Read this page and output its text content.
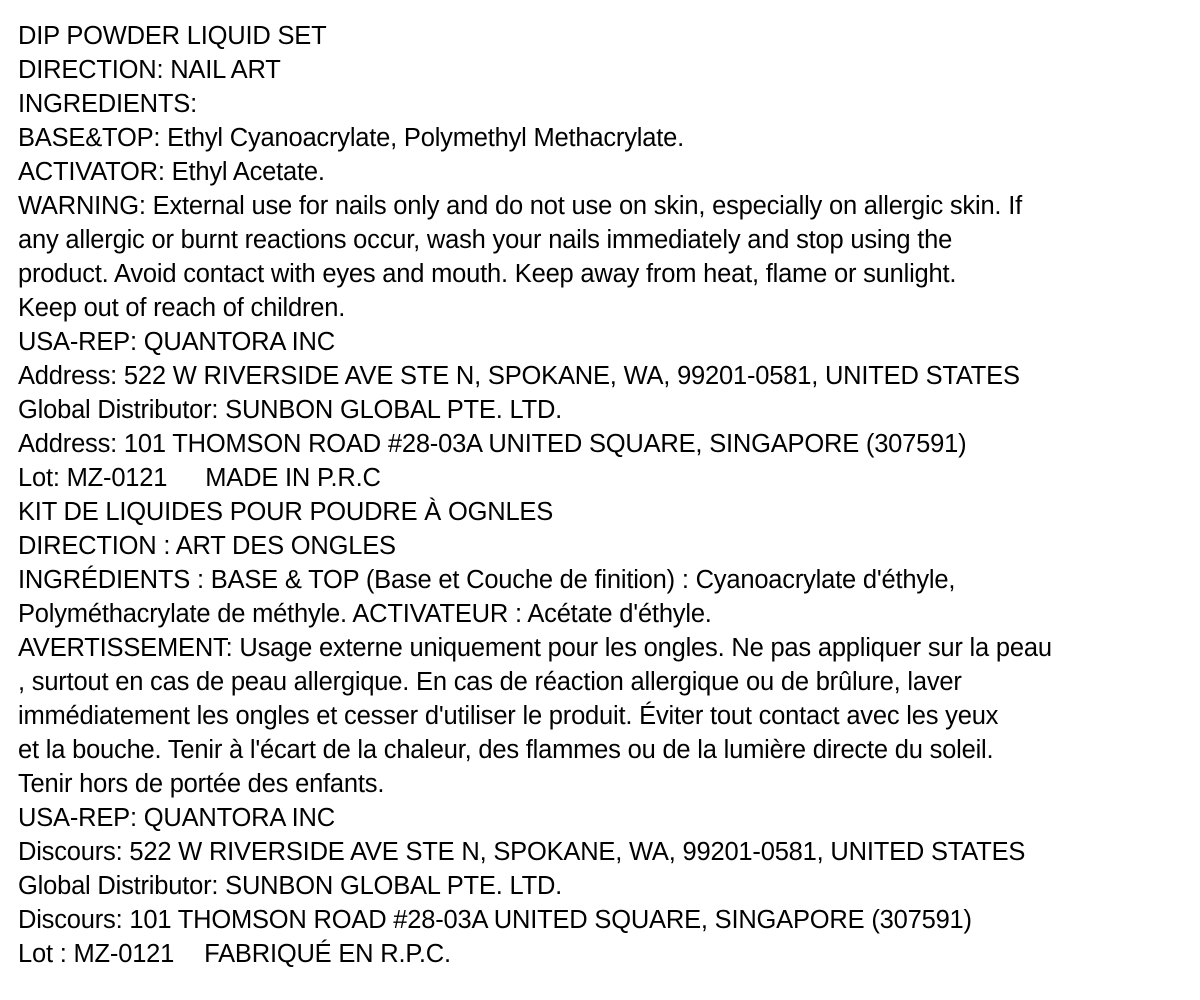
DIP POWDER LIQUID SET
DIRECTION: NAIL ART
INGREDIENTS:
BASE&TOP: Ethyl Cyanoacrylate, Polymethyl Methacrylate.
ACTIVATOR: Ethyl Acetate.
WARNING: External use for nails only and do not use on skin, especially on allergic skin. If
any allergic or burnt reactions occur, wash your nails immediately and stop using the
product. Avoid contact with eyes and mouth. Keep away from heat, flame or sunlight.
Keep out of reach of children.
USA-REP: QUANTORA INC
Address: 522 W RIVERSIDE AVE STE N, SPOKANE, WA, 99201-0581, UNITED STATES
Global Distributor: SUNBON GLOBAL PTE. LTD.
Address: 101 THOMSON ROAD #28-03A UNITED SQUARE, SINGAPORE (307591)
Lot: MZ-0121 MADE IN P.R.C
KIT DE LIQUIDES POUR POUDRE À OGNLES
DIRECTION : ART DES ONGLES
INGRÉDIENTS : BASE & TOP (Base et Couche de finition) : Cyanoacrylate d'éthyle,
Polyméthacrylate de méthyle. ACTIVATEUR : Acétate d'éthyle.
AVERTISSEMENT: Usage externe uniquement pour les ongles. Ne pas appliquer sur la peau
, surtout en cas de peau allergique. En cas de réaction allergique ou de brûlure, laver
immédiatement les ongles et cesser d'utiliser le produit. Éviter tout contact avec les yeux
et la bouche. Tenir à l'écart de la chaleur, des flammes ou de la lumière directe du soleil.
Tenir hors de portée des enfants.
USA-REP: QUANTORA INC
Discours: 522 W RIVERSIDE AVE STE N, SPOKANE, WA, 99201-0581, UNITED STATES
Global Distributor: SUNBON GLOBAL PTE. LTD.
Discours: 101 THOMSON ROAD #28-03A UNITED SQUARE, SINGAPORE (307591)
Lot : MZ-0121 FABRIQUÉ EN R.P.C.
